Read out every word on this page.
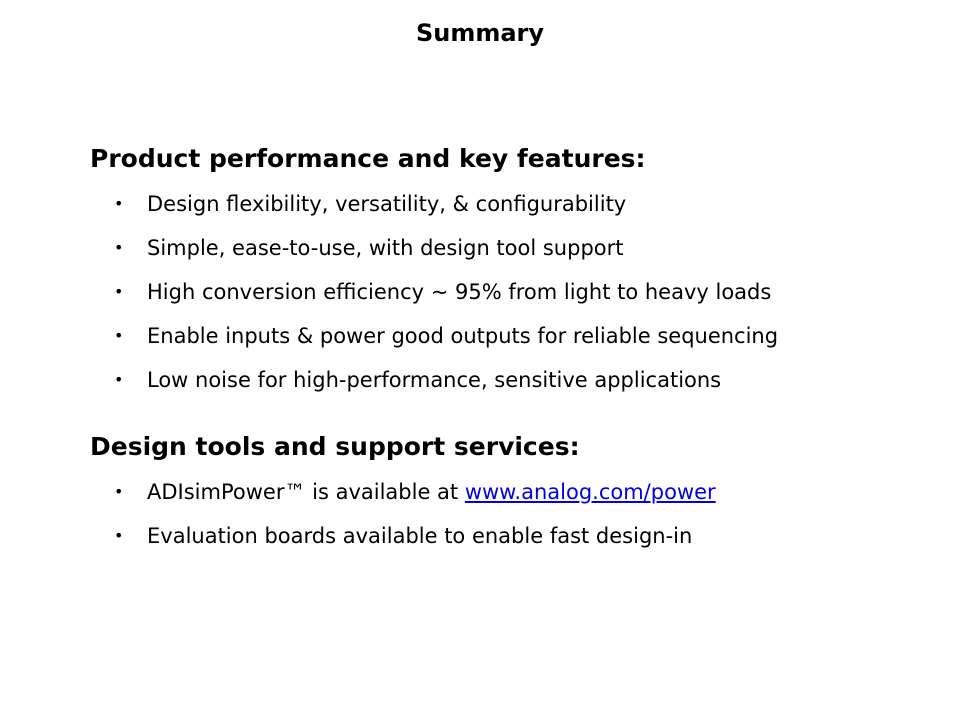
Summary
Product performance and key features:
• Design flexibility, versatility, & configurability
• Simple, ease-to-use, with design tool support
• High conversion efficiency ~ 95% from light to heavy loads
• Enable inputs & power good outputs for reliable sequencing
• Low noise for high-performance, sensitive applications
Design tools and support services:
• ADIsimPower™ is available at www.analog.com/power
• Evaluation boards available to enable fast design-in
